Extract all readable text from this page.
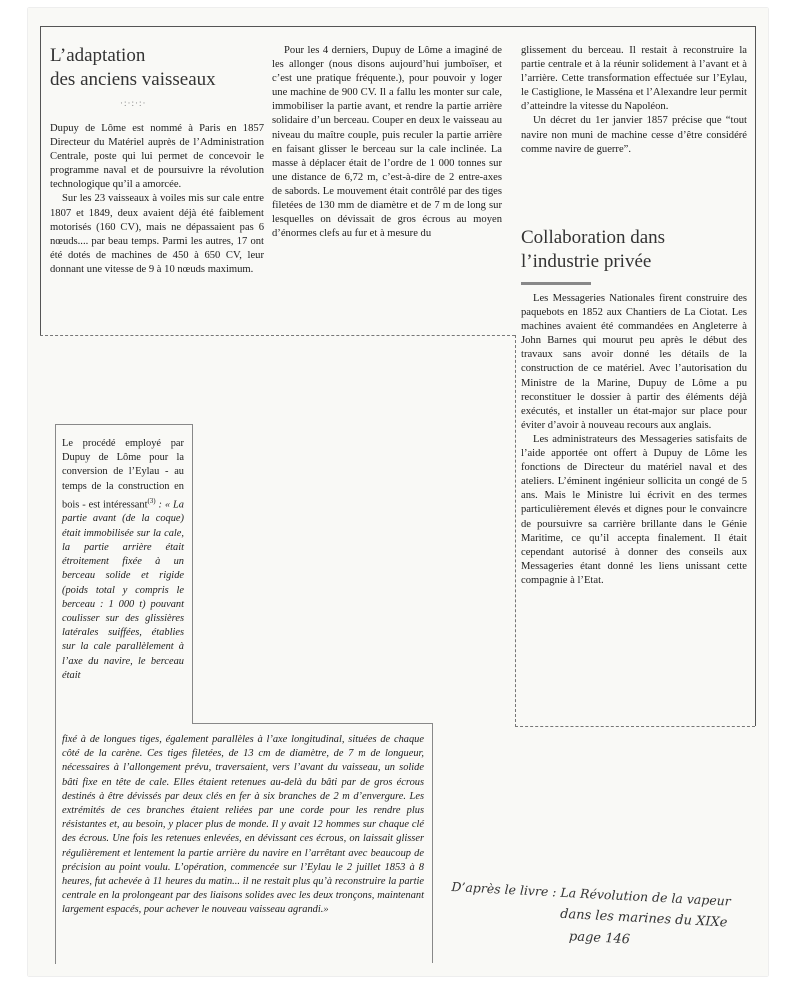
L’adaptation
des anciens vaisseaux
·:·:·:·

Dupuy de Lôme est nommé à Paris en 1857 Directeur du Matériel auprès de l’Administration Centrale, poste qui lui permet de concevoir le programme naval et de poursuivre la révolution technologique qu’il a amorcée.

Sur les 23 vaisseaux à voiles mis sur cale entre 1807 et 1849, deux avaient déjà été faiblement motorisés (160 CV), mais ne dépassaient pas 6 nœuds.... par beau temps. Parmi les autres, 17 ont été dotés de machines de 450 à 650 CV, leur donnant une vitesse de 9 à 10 nœuds maximum.

Pour les 4 derniers, Dupuy de Lôme a imaginé de les allonger (nous disons aujourd’hui jumboïser, et c’est une pratique fréquente.), pour pouvoir y loger une machine de 900 CV. Il a fallu les monter sur cale, immobiliser la partie avant, et rendre la partie arrière solidaire d’un berceau. Couper en deux le vaisseau au niveau du maître couple, puis reculer la partie arrière en faisant glisser le berceau sur la cale inclinée. La masse à déplacer était de l’ordre de 1 000 tonnes sur une distance de 6,72 m, c’est-à-dire de 2 entre-axes de sabords. Le mouvement était contrôlé par des tiges filetées de 130 mm de diamètre et de 7 m de long sur lesquelles on dévissait de gros écrous au moyen d’énormes clefs au fur et à mesure du

glissement du berceau. Il restait à reconstruire la partie centrale et à la réunir solidement à l’avant et à l’arrière. Cette transformation effectuée sur l’Eylau, le Castiglione, le Masséna et l’Alexandre leur permit d’atteindre la vitesse du Napoléon.

Un décret du 1er janvier 1857 précise que “tout navire non muni de machine cesse d’être considéré comme navire de guerre”.

Collaboration dans
l’industrie privée

Les Messageries Nationales firent construire des paquebots en 1852 aux Chantiers de La Ciotat. Les machines avaient été commandées en Angleterre à John Barnes qui mourut peu après le début des travaux sans avoir donné les détails de la construction de ce matériel. Avec l’autorisation du Ministre de la Marine, Dupuy de Lôme a pu reconstituer le dossier à partir des éléments déjà exécutés, et installer un état-major sur place pour éviter d’avoir à nouveau recours aux anglais.

Les administrateurs des Messageries satisfaits de l’aide apportée ont offert à Dupuy de Lôme les fonctions de Directeur du matériel naval et des ateliers. L’éminent ingénieur sollicita un congé de 5 ans. Mais le Ministre lui écrivit en des termes particulièrement élevés et dignes pour le convaincre de poursuivre sa carrière brillante dans le Génie Maritime, ce qu’il accepta finalement. Il était cependant autorisé à donner des conseils aux Messageries étant donné les liens unissant cette compagnie à l’Etat.

Le procédé employé par Dupuy de Lôme pour la conversion de l’Eylau - au temps de la construction en bois - est intéressant$^{(3)}$ : « La partie avant (de la coque) était immobilisée sur la cale, la partie arrière était étroitement fixée à un berceau solide et rigide (poids total y compris le berceau : 1 000 t) pouvant coulisser sur des glissières latérales suiffées, établies sur la cale parallèlement à l’axe du navire, le berceau était
fixé à de longues tiges, également parallèles à l’axe longitudinal, situées de chaque côté de la carène. Ces tiges filetées, de 13 cm de diamètre, de 7 m de longueur, nécessaires à l’allongement prévu, traversaient, vers l’avant du vaisseau, un solide bâti fixe en tête de cale. Elles étaient retenues au-delà du bâti par de gros écrous destinés à être dévissés par deux clés en fer à six branches de 2 m d’envergure. Les extrémités de ces branches étaient reliées par une corde pour les rendre plus résistantes et, au besoin, y placer plus de monde. Il y avait 12 hommes sur chaque clé des écrous. Une fois les retenues enlevées, en dévissant ces écrous, on laissait glisser régulièrement et lentement la partie arrière du navire en l’arrêtant avec beaucoup de précision au point voulu. L’opération, commencée sur l’Eylau le 2 juillet 1853 à 8 heures, fut achevée à 11 heures du matin... il ne restait plus qu’à reconstruire la partie centrale en la prolongeant par des liaisons solides avec les deux tronçons, maintenant largement espacés, pour achever le nouveau vaisseau agrandi.»
D’après le livre : La Révolution de la vapeur
dans les marines du XIXe
page 146
